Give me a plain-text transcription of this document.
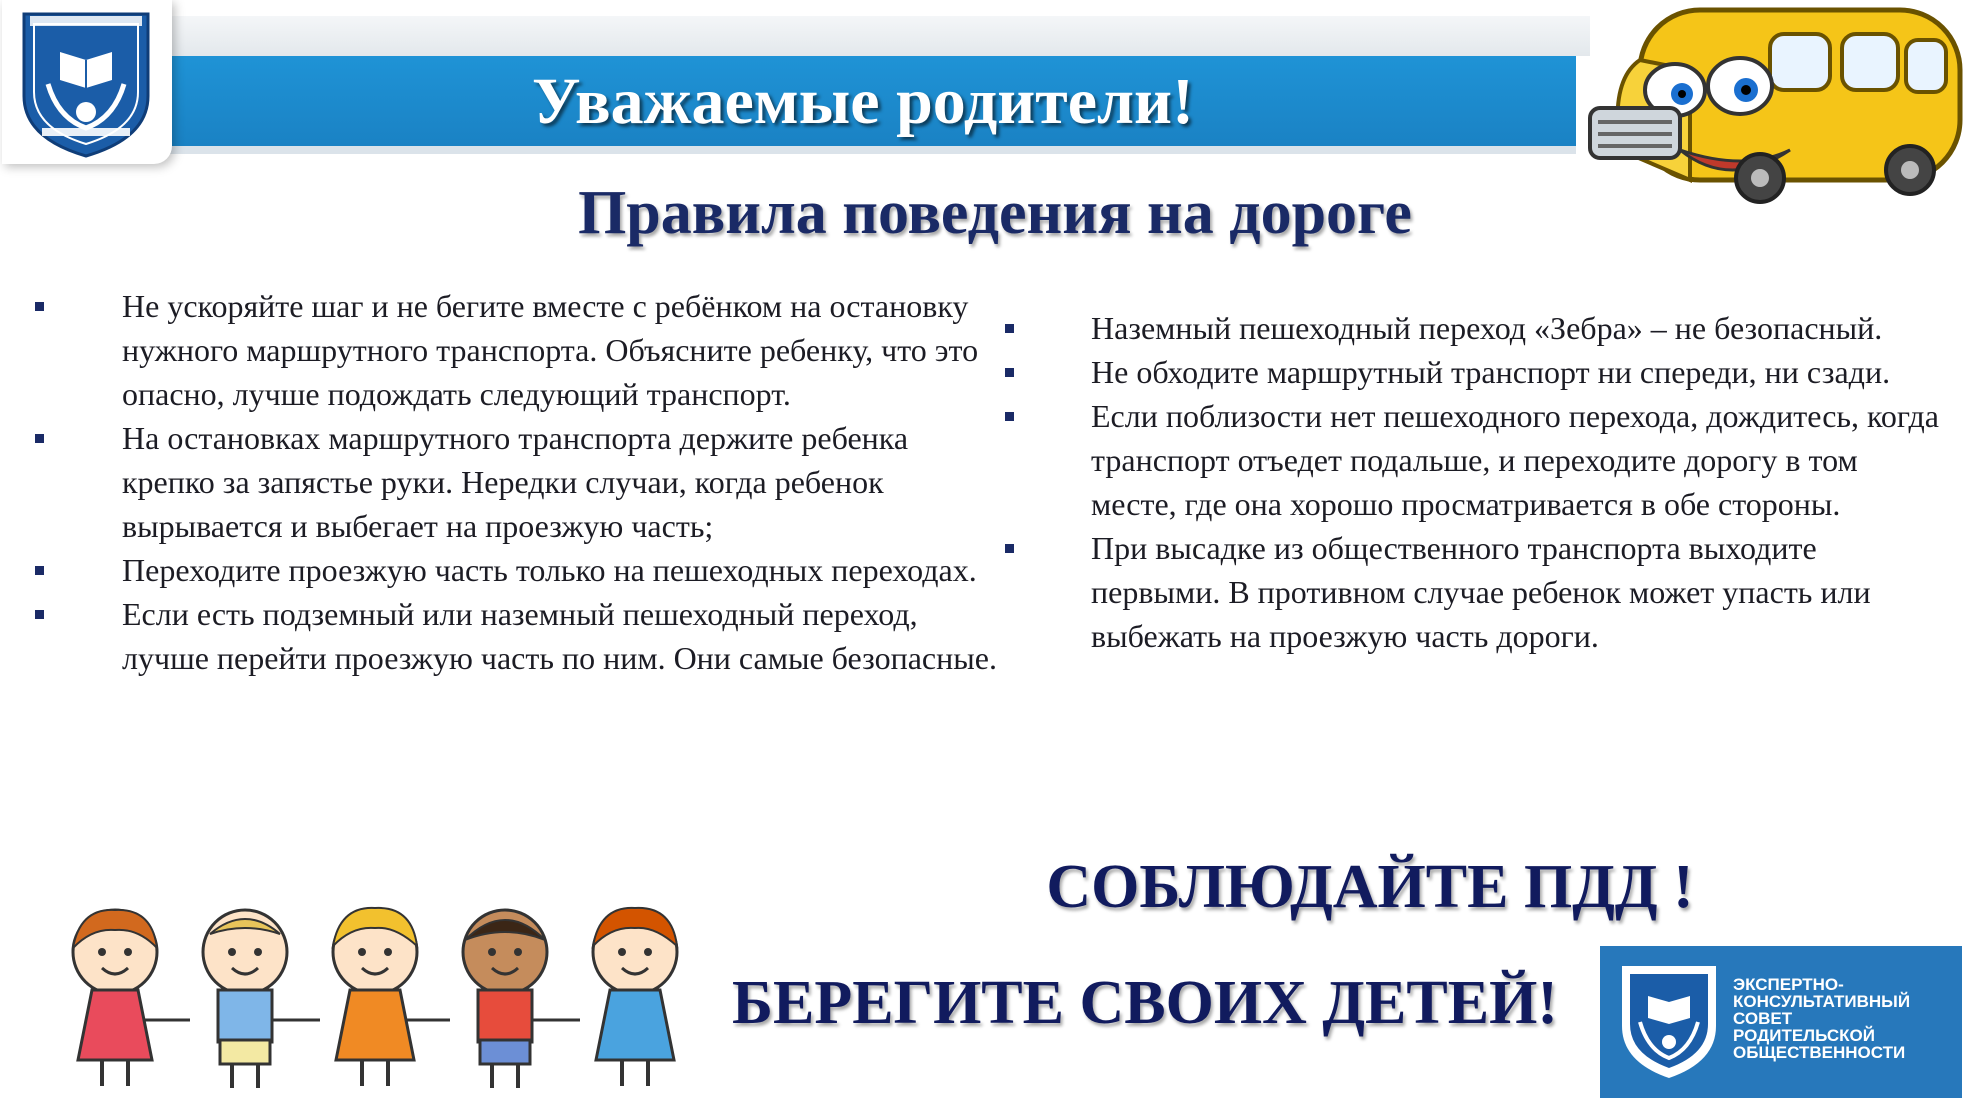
Уважаемые родители!
Правила поведения на дороге
Не ускоряйте шаг и не бегите вместе с ребёнком на остановку нужного маршрутного транспорта. Объясните ребенку, что это опасно, лучше подождать следующий транспорт.
На остановках маршрутного транспорта держите ребенка крепко за запястье руки. Нередки случаи, когда ребенок вырывается и выбегает на проезжую часть;
Переходите проезжую часть только на пешеходных переходах.
Если есть подземный или наземный пешеходный переход, лучше перейти проезжую часть по ним. Они самые безопасные.
Наземный пешеходный переход «Зебра» – не безопасный.
Не обходите маршрутный транспорт ни спереди, ни сзади.
Если поблизости нет пешеходного перехода, дождитесь, когда транспорт отъедет подальше, и переходите дорогу в том месте, где она хорошо просматривается в обе стороны.
При высадке из общественного транспорта выходите первыми. В противном случае ребенок может упасть или выбежать на проезжую часть дороги.

СОБЛЮДАЙТЕ ПДД !

БЕРЕГИТЕ СВОИХ ДЕТЕЙ!	ЭКСПЕРТНО-
КОНСУЛЬТАТИВНЫЙ
СОВЕТ
РОДИТЕЛЬСКОЙ
ОБЩЕСТВЕННОСТИ
